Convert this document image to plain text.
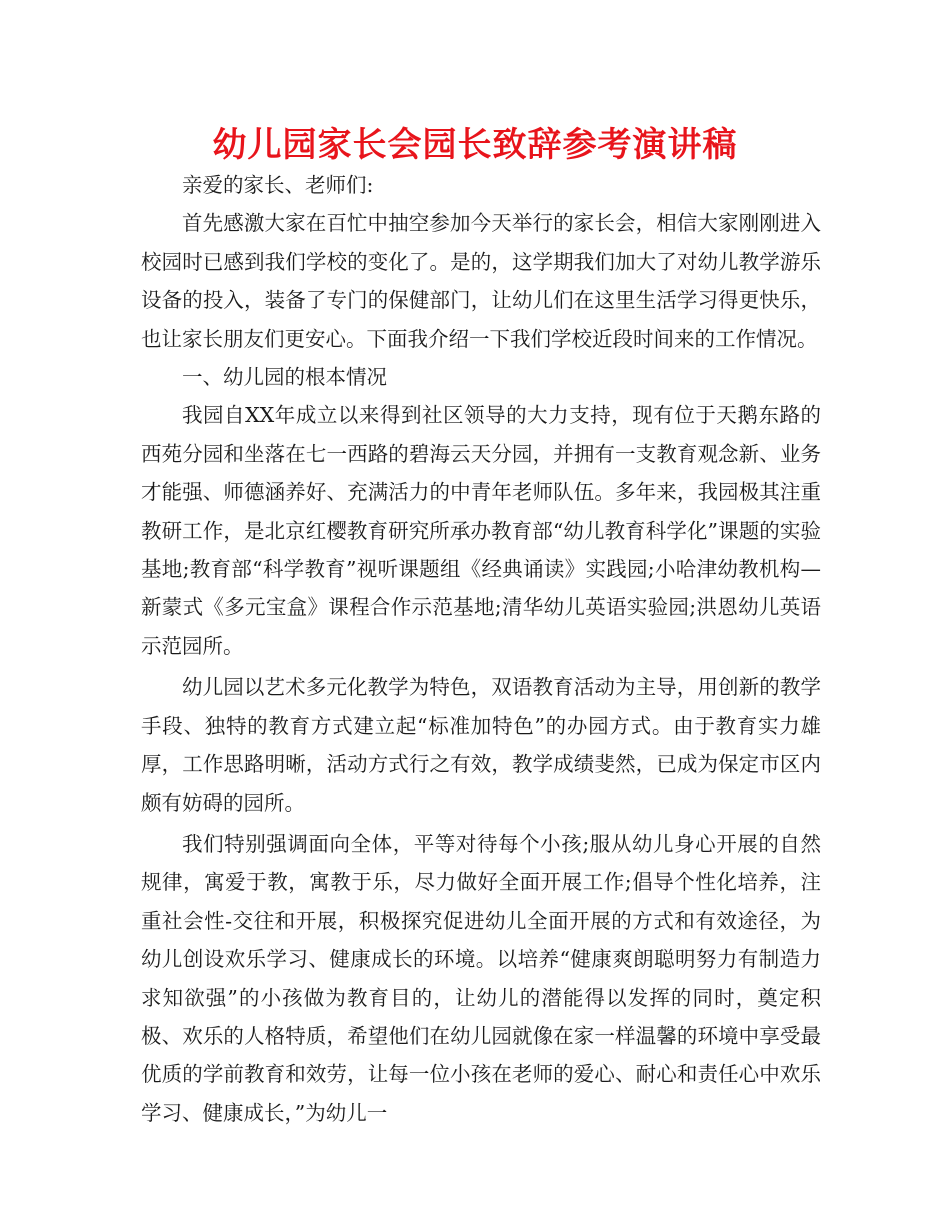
幼儿园家长会园长致辞参考演讲稿

亲爱的家长、老师们:

首先感激大家在百忙中抽空参加今天举行的家长会，相信大家刚刚进入校园时已感到我们学校的变化了。是的，这学期我们加大了对幼儿教学游乐设备的投入，装备了专门的保健部门，让幼儿们在这里生活学习得更快乐，也让家长朋友们更安心。下面我介绍一下我们学校近段时间来的工作情况。

一、幼儿园的根本情况

我园自XX年成立以来得到社区领导的大力支持，现有位于天鹅东路的西苑分园和坐落在七一西路的碧海云天分园，并拥有一支教育观念新、业务才能强、师德涵养好、充满活力的中青年老师队伍。多年来，我园极其注重教研工作，是北京红樱教育研究所承办教育部“幼儿教育科学化”课题的实验基地;教育部“科学教育”视听课题组《经典诵读》实践园;小哈津幼教机构—新蒙式《多元宝盒》课程合作示范基地;清华幼儿英语实验园;洪恩幼儿英语示范园所。

幼儿园以艺术多元化教学为特色，双语教育活动为主导，用创新的教学手段、独特的教育方式建立起“标准加特色”的办园方式。由于教育实力雄厚，工作思路明晰，活动方式行之有效，教学成绩斐然，已成为保定市区内颇有妨碍的园所。

我们特别强调面向全体，平等对待每个小孩;服从幼儿身心开展的自然规律，寓爱于教，寓教于乐，尽力做好全面开展工作;倡导个性化培养，注重社会性-交往和开展，积极探究促进幼儿全面开展的方式和有效途径，为幼儿创设欢乐学习、健康成长的环境。以培养“健康爽朗聪明努力有制造力求知欲强”的小孩做为教育目的，让幼儿的潜能得以发挥的同时，奠定积极、欢乐的人格特质，希望他们在幼儿园就像在家一样温馨的环境中享受最优质的学前教育和效劳，让每一位小孩在老师的爱心、耐心和责任心中欢乐学习、健康成长，”为幼儿一
